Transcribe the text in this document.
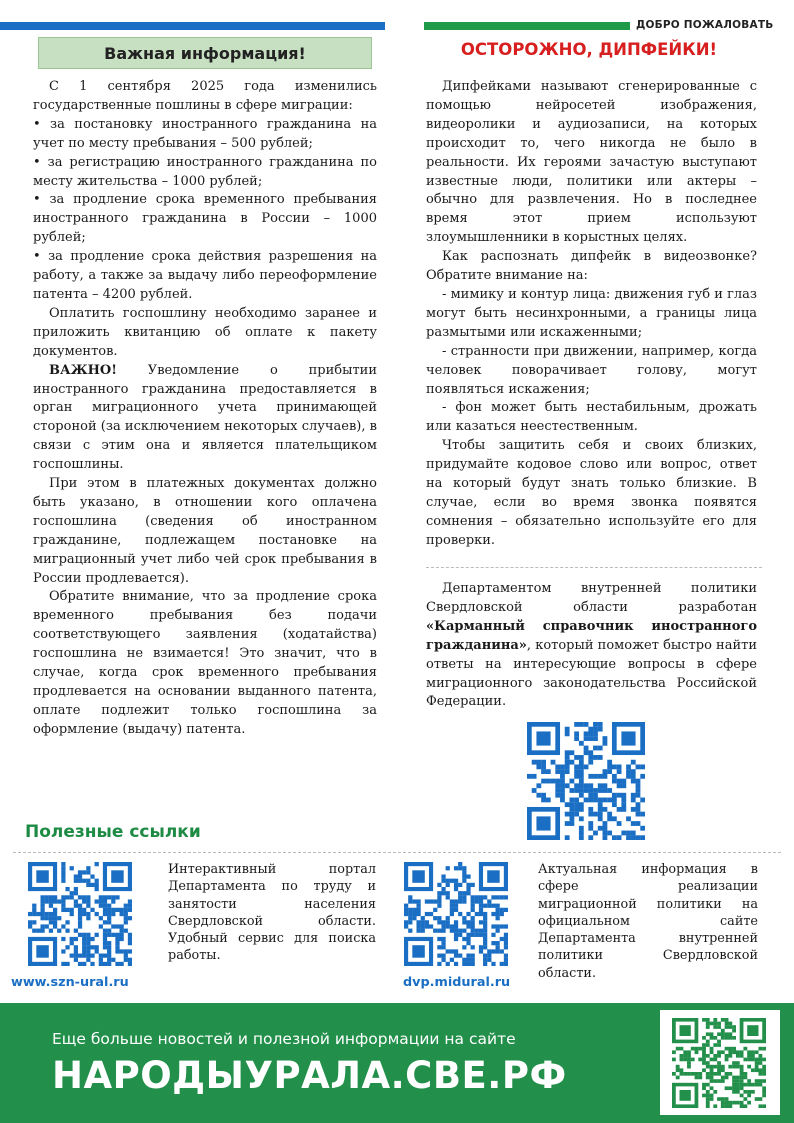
ДОБРО ПОЖАЛОВАТЬ
Важная информация!	ОСТОРОЖНО, ДИПФЕЙКИ!

С 1 сентября 2025 года изменились государственные пошлины в сфере миграции:

• за постановку иностранного гражданина на учет по месту пребывания – 500 рублей;

• за регистрацию иностранного гражданина по месту жительства – 1000 рублей;

• за продление срока временного пребывания иностранного гражданина в России – 1000 рублей;

• за продление срока действия разрешения на работу, а также за выдачу либо переоформление патента – 4200 рублей.

Оплатить госпошлину необходимо заранее и приложить квитанцию об оплате к пакету документов.

ВАЖНО! Уведомление о прибытии иностранного гражданина предоставляется в орган миграционного учета принимающей стороной (за исключением некоторых случаев), в связи с этим она и является плательщиком госпошлины.

При этом в платежных документах должно быть указано, в отношении кого оплачена госпошлина (сведения об иностранном гражданине, подлежащем постановке на миграционный учет либо чей срок пребывания в России продлевается).

Обратите внимание, что за продление срока временного пребывания без подачи соответствующего заявления (ходатайства) госпошлина не взимается! Это значит, что в случае, когда срок временного пребывания продлевается на основании выданного патента, оплате подлежит только госпошлина за оформление (выдачу) патента.

Дипфейками называют сгенерированные с помощью нейросетей изображения, видеоролики и аудиозаписи, на которых происходит то, чего никогда не было в реальности. Их героями зачастую выступают известные люди, политики или актеры – обычно для развлечения. Но в последнее время этот прием используют злоумышленники в корыстных целях.

Как распознать дипфейк в видеозвонке? Обратите внимание на:

- мимику и контур лица: движения губ и глаз могут быть несинхронными, а границы лица размытыми или искаженными;

- странности при движении, например, когда человек поворачивает голову, могут появляться искажения;

- фон может быть нестабильным, дрожать или казаться неестественным.

Чтобы защитить себя и своих близких, придумайте кодовое слово или вопрос, ответ на который будут знать только близкие. В случае, если во время звонка появятся сомнения – обязательно используйте его для проверки.

Департаментом внутренней политики Свердловской области разработан «Карманный справочник иностранного гражданина», который поможет быстро найти ответы на интересующие вопросы в сфере миграционного законодательства Российской Федерации.

Полезные ссылки
Интерактивный портал Департамента по труду и занятости населения Свердловской области. Удобный сервис для поиска работы.
www.szn-ural.ru
Актуальная информация в сфере реализации миграционной политики на официальном сайте Департамента внутренней политики Свердловской области.
dvp.midural.ru
Еще больше новостей и полезной информации на сайте
НАРОДЫУРАЛА.СВЕ.РФ
